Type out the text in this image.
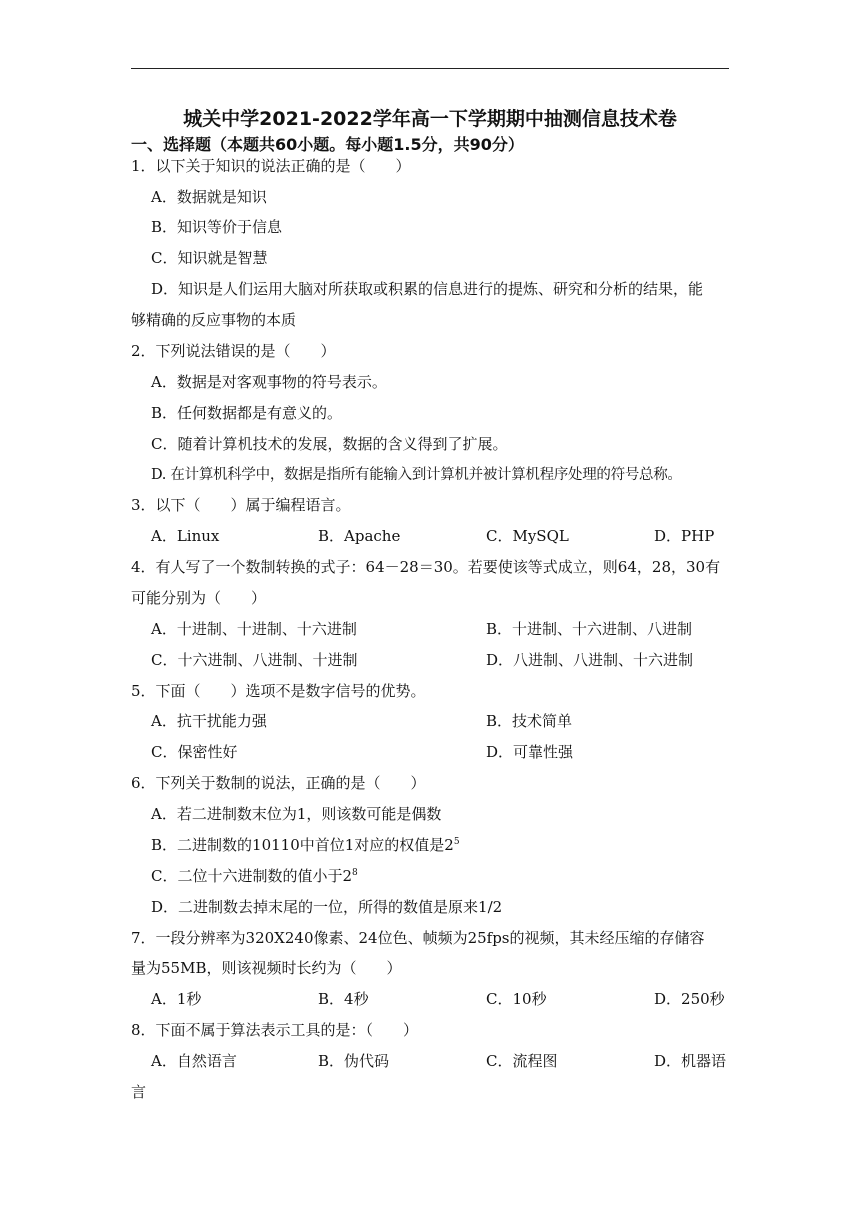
城关中学2021-2022学年高一下学期期中抽测信息技术卷
一、选择题（本题共60小题。每小题1.5分，共90分）
1．以下关于知识的说法正确的是（　　）
A．数据就是知识
B．知识等价于信息
C．知识就是智慧
D．知识是人们运用大脑对所获取或积累的信息进行的提炼、研究和分析的结果，能
够精确的反应事物的本质
2．下列说法错误的是（　　）
A．数据是对客观事物的符号表示。
B．任何数据都是有意义的。
C．随着计算机技术的发展，数据的含义得到了扩展。
D. 在计算机科学中，数据是指所有能输入到计算机并被计算机程序处理的符号总称。
3．以下（　　）属于编程语言。
A．Linux	B．Apache	C．MySQL	D．PHP
4．有人写了一个数制转换的式子：64－28＝30。若要使该等式成立，则64，28，30有
可能分别为（　　）
A．十进制、十进制、十六进制	B．十进制、十六进制、八进制
C．十六进制、八进制、十进制	D．八进制、八进制、十六进制
5．下面（　　）选项不是数字信号的优势。
A．抗干扰能力强	B．技术简单
C．保密性好	D．可靠性强
6．下列关于数制的说法，正确的是（　　）
A．若二进制数末位为1，则该数可能是偶数
B．二进制数的10110中首位1对应的权值是$2^5$
C．二位十六进制数的值小于$2^8$
D．二进制数去掉末尾的一位，所得的数值是原来1/2
7．一段分辨率为320X240像素、24位色、帧频为25fps的视频，其未经压缩的存储容
量为55MB，则该视频时长约为（　　）
A．1秒	B．4秒	C．10秒	D．250秒
8．下面不属于算法表示工具的是：（　　）
A．自然语言	B．伪代码	C．流程图	D．机器语
言
